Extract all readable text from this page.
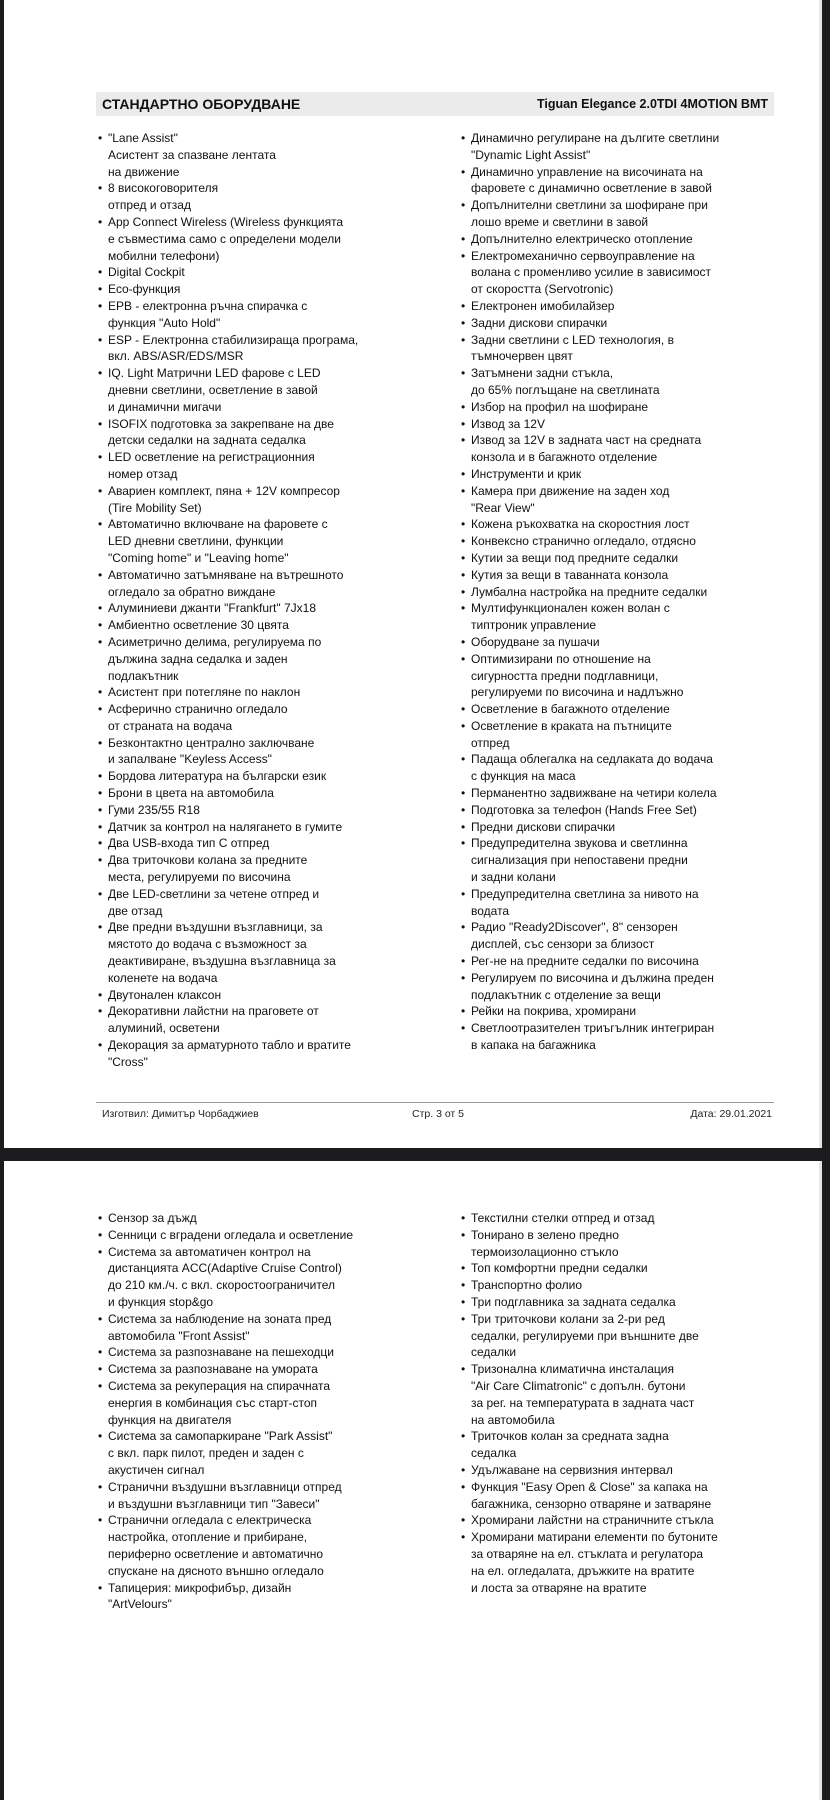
СТАНДАРТНО ОБОРУДВАНЕ	Tiguan Elegance 2.0TDI 4MOTION BMT
Изготвил: Димитър Чорбаджиев	Стр. 3 от 5	Дата: 29.01.2021
• "Lane Assist"
Асистент за спазване лентата
на движение
• 8 високоговорителя
отпред и отзад
• App Connect Wireless (Wireless функцията
е съвместима само с определени модели
мобилни телефони)
• Digital Cockpit
• Eco-функция
• EPB - електронна ръчна спирачка с
функция "Auto Hold"
• ESP - Електронна стабилизираща програма,
вкл. ABS/ASR/EDS/MSR
• IQ. Light Матрични LED фарове с LED
дневни светлини, осветление в завой
и динамични мигачи
• ISOFIX подготовка за закрепване на две
детски седалки на задната седалка
• LED осветление на регистрационния
номер отзад
• Авариен комплект, пяна + 12V компресор
(Tire Mobility Set)
• Автоматично включване на фаровете с
LED дневни светлини, функции
"Coming home" и "Leaving home"
• Автоматично затъмняване на вътрешното
огледало за обратно виждане
• Алуминиеви джанти "Frankfurt" 7Jx18
• Амбиентно осветление 30 цвята
• Асиметрично делима, регулируема по
дължина задна седалка и заден
подлакътник
• Асистент при потегляне по наклон
• Асферично странично огледало
от страната на водача
• Безконтактно централно заключване
и запалване "Keyless Access"
• Бордова литература на български език
• Брони в цвета на автомобила
• Гуми 235/55 R18
• Датчик за контрол на налягането в гумите
• Два USB-входа тип С отпред
• Два триточкови колана за предните
места, регулируеми по височина
• Две LED-светлини за четене отпред и
две отзад
• Две предни въздушни възглавници, за
мястото до водача с възможност за
деактивиране, въздушна възглавница за
коленете на водача
• Двутонален клаксон
• Декоративни лайстни на праговете от
алуминий, осветени
• Декорация за арматурното табло и вратите
"Cross"
• Динамично регулиране на дългите светлини
"Dynamic Light Assist"
• Динамично управление на височината на
фаровете с динамично осветление в завой
• Допълнителни светлини за шофиране при
лошо време и светлини в завой
• Допълнително електрическо отопление
• Електромеханично сервоуправление на
волана с променливо усилие в зависимост
от скоростта (Servotronic)
• Електронен имобилайзер
• Задни дискови спирачки
• Задни светлини с LED технология, в
тъмночервен цвят
• Затъмнени задни стъкла,
до 65% поглъщане на светлината
• Избор на профил на шофиране
• Извод за 12V
• Извод за 12V в задната част на средната
конзола и в багажното отделение
• Инструменти и крик
• Камера при движение на заден ход
"Rear View"
• Кожена ръкохватка на скоростния лост
• Конвексно странично огледало, отдясно
• Кутии за вещи под предните седалки
• Кутия за вещи в таванната конзола
• Лумбална настройка на предните седалки
• Мултифункционален кожен волан с
типтроник управление
• Оборудване за пушачи
• Оптимизирани по отношение на
сигурността предни подглавници,
регулируеми по височина и надлъжно
• Осветление в багажното отделение
• Осветление в краката на пътниците
отпред
• Падаща облегалка на седлаката до водача
с функция на маса
• Перманентно задвижване на четири колела
• Подготовка за телефон (Hands Free Set)
• Предни дискови спирачки
• Предупредителна звукова и светлинна
сигнализация при непоставени предни
и задни колани
• Предупредителна светлина за нивото на
водата
• Радио "Ready2Discover", 8" сензорен
дисплей, със сензори за близост
• Рег-не на предните седалки по височина
• Регулируем по височина и дължина преден
подлакътник с отделение за вещи
• Рейки на покрива, хромирани
• Светлоотразителен триъгълник интегриран
в капака на багажника
• Сензор за дъжд
• Сенници с вградени огледала и осветление
• Система за автоматичен контрол на
дистанцията ACC(Adaptive Cruise Control)
до 210 км./ч. с вкл. скоростоограничител
и функция stop&go
• Система за наблюдение на зоната пред
автомобила "Front Assist"
• Система за разпознаване на пешеходци
• Система за разпознаване на умората
• Система за рекуперация на спирачната
енергия в комбинация със старт-стоп
функция на двигателя
• Система за самопаркиране "Park Assist"
с вкл. парк пилот, преден и заден с
акустичен сигнал
• Странични въздушни възглавници отпред
и въздушни възглавници тип "Завеси"
• Странични огледала с електрическа
настройка, отопление и прибиране,
периферно осветление и автоматично
спускане на дясното външно огледало
• Тапицерия: микрофибър, дизайн
"ArtVelours"
• Текстилни стелки отпред и отзад
• Тонирано в зелено предно
термоизолационно стъкло
• Топ комфортни предни седалки
• Транспортно фолио
• Три подглавника за задната седалка
• Три триточкови колани за 2-ри ред
седалки, регулируеми при външните две
седалки
• Тризонална климатична инсталация
"Air Care Climatronic" с допълн. бутони
за рег. на температурата в задната част
на автомобила
• Триточков колан за средната задна
седалка
• Удължаване на сервизния интервал
• Функция "Easy Open & Close" за капака на
багажника, сензорно отваряне и затваряне
• Хромирани лайстни на страничните стъкла
• Хромирани матирани елементи по бутоните
за отваряне на ел. стъклата и регулатора
на ел. огледалата, дръжките на вратите
и лоста за отваряне на вратите
